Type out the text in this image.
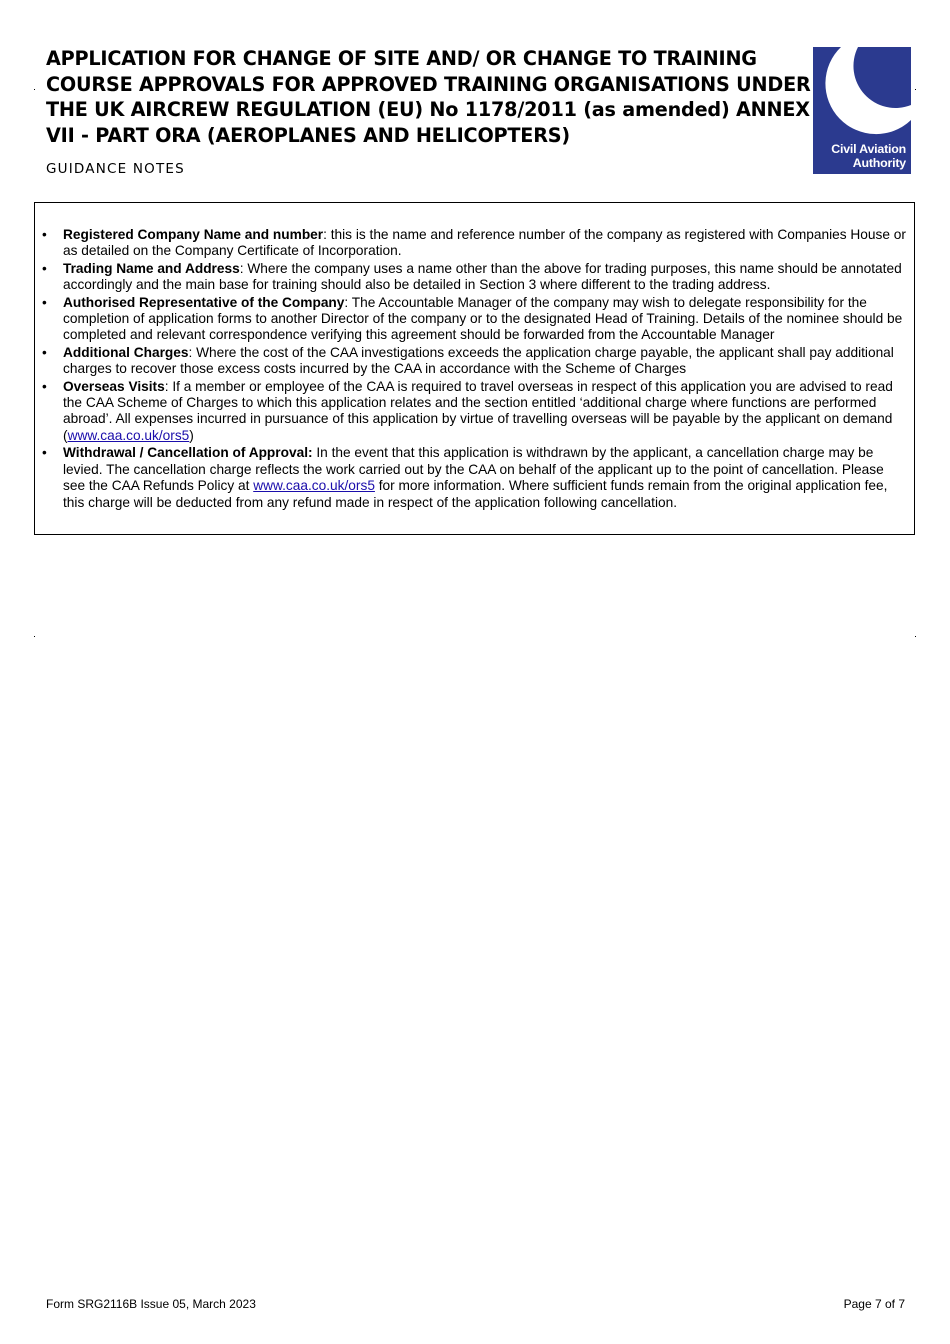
APPLICATION FOR CHANGE OF SITE AND/ OR CHANGE TO TRAINING COURSE APPROVALS FOR APPROVED TRAINING ORGANISATIONS UNDER THE UK AIRCREW REGULATION (EU) No 1178/2011 (as amended) ANNEX VII - PART ORA (AEROPLANES AND HELICOPTERS)

GUIDANCE NOTES

Civil Aviation
Authority
• Registered Company Name and number: this is the name and reference number of the company as registered with Companies House or as detailed on the Company Certificate of Incorporation.
• Trading Name and Address: Where the company uses a name other than the above for trading purposes, this name should be annotated accordingly and the main base for training should also be detailed in Section 3 where different to the trading address.
• Authorised Representative of the Company: The Accountable Manager of the company may wish to delegate responsibility for the completion of application forms to another Director of the company or to the designated Head of Training. Details of the nominee should be completed and relevant correspondence verifying this agreement should be forwarded from the Accountable Manager
• Additional Charges: Where the cost of the CAA investigations exceeds the application charge payable, the applicant shall pay additional charges to recover those excess costs incurred by the CAA in accordance with the Scheme of Charges
• Overseas Visits: If a member or employee of the CAA is required to travel overseas in respect of this application you are advised to read the CAA Scheme of Charges to which this application relates and the section entitled ‘additional charge where functions are performed abroad’. All expenses incurred in pursuance of this application by virtue of travelling overseas will be payable by the applicant on demand (www.caa.co.uk/ors5)
• Withdrawal / Cancellation of Approval: In the event that this application is withdrawn by the applicant, a cancellation charge may be levied. The cancellation charge reflects the work carried out by the CAA on behalf of the applicant up to the point of cancellation. Please see the CAA Refunds Policy at www.caa.co.uk/ors5 for more information. Where sufficient funds remain from the original application fee, this charge will be deducted from any refund made in respect of the application following cancellation.

Form SRG2116B Issue 05, March 2023	Page 7 of 7
